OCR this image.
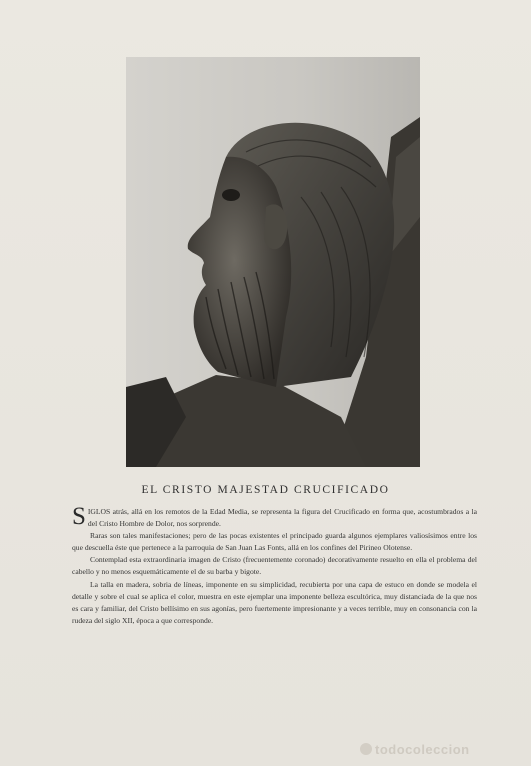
EL CRISTO MAJESTAD CRUCIFICADO

SIGLOS atrás, allá en los remotos de la Edad Media, se representa la figura del Crucificado en forma que, acostumbrados a la del Cristo Hombre de Dolor, nos sorprende.

Raras son tales manifestaciones; pero de las pocas existentes el principado guarda algunos ejemplares valiosísimos entre los que descuella éste que pertenece a la parroquia de San Juan Las Fonts, allá en los confines del Pirineo Olotense.

Contemplad esta extraordinaria imagen de Cristo (frecuentemente coronado) decorativamente resuelto en ella el problema del cabello y no menos esquemáticamente el de su barba y bigote.

La talla en madera, sobria de líneas, imponente en su simplicidad, recubierta por una capa de estuco en donde se modela el detalle y sobre el cual se aplica el color, muestra en este ejemplar una imponente belleza escultórica, muy distanciada de la que nos es cara y familiar, del Cristo bellísimo en sus agonías, pero fuertemente impresionante y a veces terrible, muy en consonancia con la rudeza del siglo XII, época a que corresponde.

todocoleccion
